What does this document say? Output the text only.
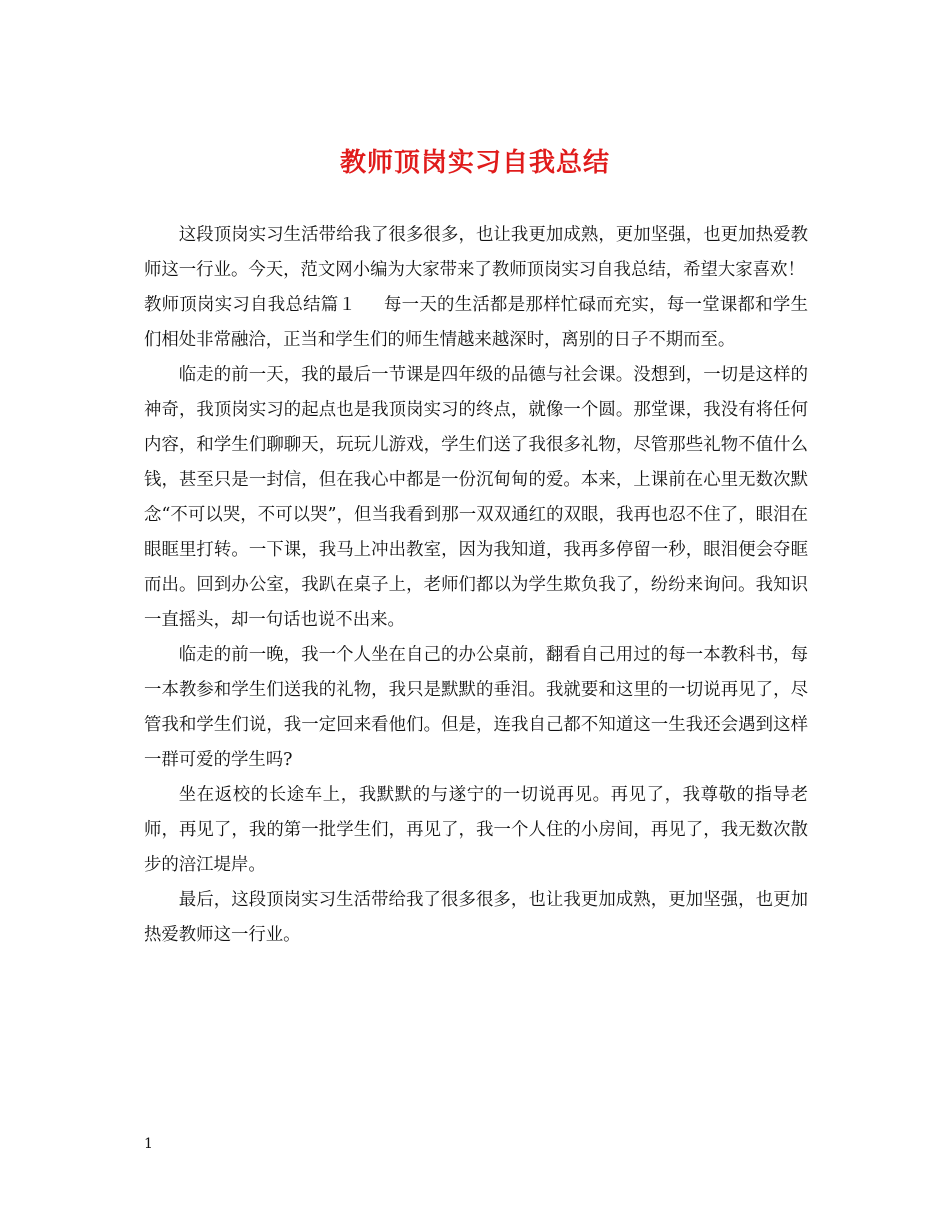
教师顶岗实习自我总结

这段顶岗实习生活带给我了很多很多，也让我更加成熟，更加坚强，也更加热爱教师这一行业。今天，范文网小编为大家带来了教师顶岗实习自我总结，希望大家喜欢！

教师顶岗实习自我总结篇１ 每一天的生活都是那样忙碌而充实，每一堂课都和学生们相处非常融洽，正当和学生们的师生情越来越深时，离别的日子不期而至。

临走的前一天，我的最后一节课是四年级的品德与社会课。没想到，一切是这样的神奇，我顶岗实习的起点也是我顶岗实习的终点，就像一个圆。那堂课，我没有将任何内容，和学生们聊聊天，玩玩儿游戏，学生们送了我很多礼物，尽管那些礼物不值什么钱，甚至只是一封信，但在我心中都是一份沉甸甸的爱。本来，上课前在心里无数次默念“不可以哭，不可以哭”，但当我看到那一双双通红的双眼，我再也忍不住了，眼泪在眼眶里打转。一下课，我马上冲出教室，因为我知道，我再多停留一秒，眼泪便会夺眶而出。回到办公室，我趴在桌子上，老师们都以为学生欺负我了，纷纷来询问。我知识一直摇头，却一句话也说不出来。

临走的前一晚，我一个人坐在自己的办公桌前，翻看自己用过的每一本教科书，每一本教参和学生们送我的礼物，我只是默默的垂泪。我就要和这里的一切说再见了，尽管我和学生们说，我一定回来看他们。但是，连我自己都不知道这一生我还会遇到这样一群可爱的学生吗?

坐在返校的长途车上，我默默的与遂宁的一切说再见。再见了，我尊敬的指导老师，再见了，我的第一批学生们，再见了，我一个人住的小房间，再见了，我无数次散步的涪江堤岸。

最后，这段顶岗实习生活带给我了很多很多，也让我更加成熟，更加坚强，也更加热爱教师这一行业。

1
